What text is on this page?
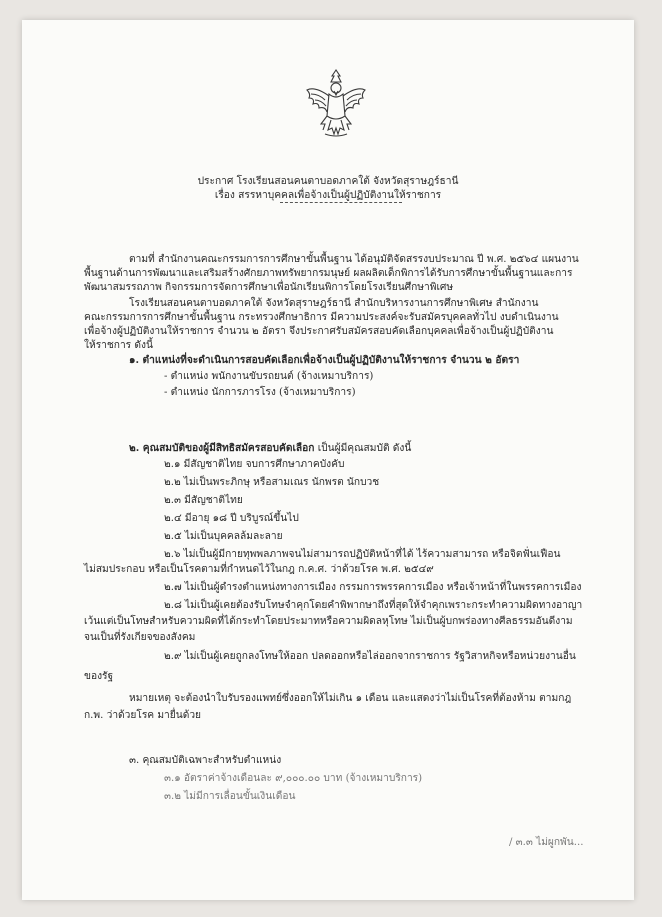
ประกาศ โรงเรียนสอนคนตาบอดภาคใต้ จังหวัดสุราษฎร์ธานี
เรื่อง สรรหาบุคคลเพื่อจ้างเป็นผู้ปฏิบัติงานให้ราชการ
ตามที่ สำนักงานคณะกรรมการการศึกษาขั้นพื้นฐาน ได้อนุมัติจัดสรรงบประมาณ ปี พ.ศ. ๒๕๖๔ แผนงาน
พื้นฐานด้านการพัฒนาและเสริมสร้างศักยภาพทรัพยากรมนุษย์ ผลผลิตเด็กพิการได้รับการศึกษาขั้นพื้นฐานและการ
พัฒนาสมรรถภาพ กิจกรรมการจัดการศึกษาเพื่อนักเรียนพิการโดยโรงเรียนศึกษาพิเศษ
โรงเรียนสอนคนตาบอดภาคใต้ จังหวัดสุราษฎร์ธานี สำนักบริหารงานการศึกษาพิเศษ สำนักงาน
คณะกรรมการการศึกษาขั้นพื้นฐาน กระทรวงศึกษาธิการ มีความประสงค์จะรับสมัครบุคคลทั่วไป งบดำเนินงาน
เพื่อจ้างผู้ปฏิบัติงานให้ราชการ จำนวน ๒ อัตรา จึงประกาศรับสมัครสอบคัดเลือกบุคคลเพื่อจ้างเป็นผู้ปฏิบัติงาน
ให้ราชการ ดังนี้
๑. ตำแหน่งที่จะดำเนินการสอบคัดเลือกเพื่อจ้างเป็นผู้ปฏิบัติงานให้ราชการ จำนวน ๒ อัตรา
- ตำแหน่ง พนักงานขับรถยนต์ (จ้างเหมาบริการ)
- ตำแหน่ง นักการภารโรง (จ้างเหมาบริการ)
๒. คุณสมบัติของผู้มีสิทธิสมัครสอบคัดเลือก เป็นผู้มีคุณสมบัติ ดังนี้
๒.๑ มีสัญชาติไทย จบการศึกษาภาคบังคับ
๒.๒ ไม่เป็นพระภิกษุ หรือสามเณร นักพรต นักบวช
๒.๓ มีสัญชาติไทย
๒.๔ มีอายุ ๑๘ ปี บริบูรณ์ขึ้นไป
๒.๕ ไม่เป็นบุคคลล้มละลาย
๒.๖ ไม่เป็นผู้มีกายทุพพลภาพจนไม่สามารถปฏิบัติหน้าที่ได้ ไร้ความสามารถ หรือจิตฟั่นเฟือน
ไม่สมประกอบ หรือเป็นโรคตามที่กำหนดไว้ในกฎ ก.ค.ศ. ว่าด้วยโรค พ.ศ. ๒๕๔๙
๒.๗ ไม่เป็นผู้ดำรงตำแหน่งทางการเมือง กรรมการพรรคการเมือง หรือเจ้าหน้าที่ในพรรคการเมือง
๒.๘ ไม่เป็นผู้เคยต้องรับโทษจำคุกโดยคำพิพากษาถึงที่สุดให้จำคุกเพราะกระทำความผิดทางอาญา
เว้นแต่เป็นโทษสำหรับความผิดที่ได้กระทำโดยประมาทหรือความผิดลหุโทษ ไม่เป็นผู้บกพร่องทางศีลธรรมอันดีงาม
จนเป็นที่รังเกียจของสังคม
๒.๙ ไม่เป็นผู้เคยถูกลงโทษให้ออก ปลดออกหรือไล่ออกจากราชการ รัฐวิสาหกิจหรือหน่วยงานอื่น
ของรัฐ
หมายเหตุ จะต้องนำใบรับรองแพทย์ซึ่งออกให้ไม่เกิน ๑ เดือน และแสดงว่าไม่เป็นโรคที่ต้องห้าม ตามกฎ
ก.พ. ว่าด้วยโรค มายื่นด้วย
๓. คุณสมบัติเฉพาะสำหรับตำแหน่ง
๓.๑ อัตราค่าจ้างเดือนละ ๙,๐๐๐.๐๐ บาท (จ้างเหมาบริการ)
๓.๒ ไม่มีการเลื่อนขั้นเงินเดือน
/ ๓.๓ ไม่ผูกพัน...
